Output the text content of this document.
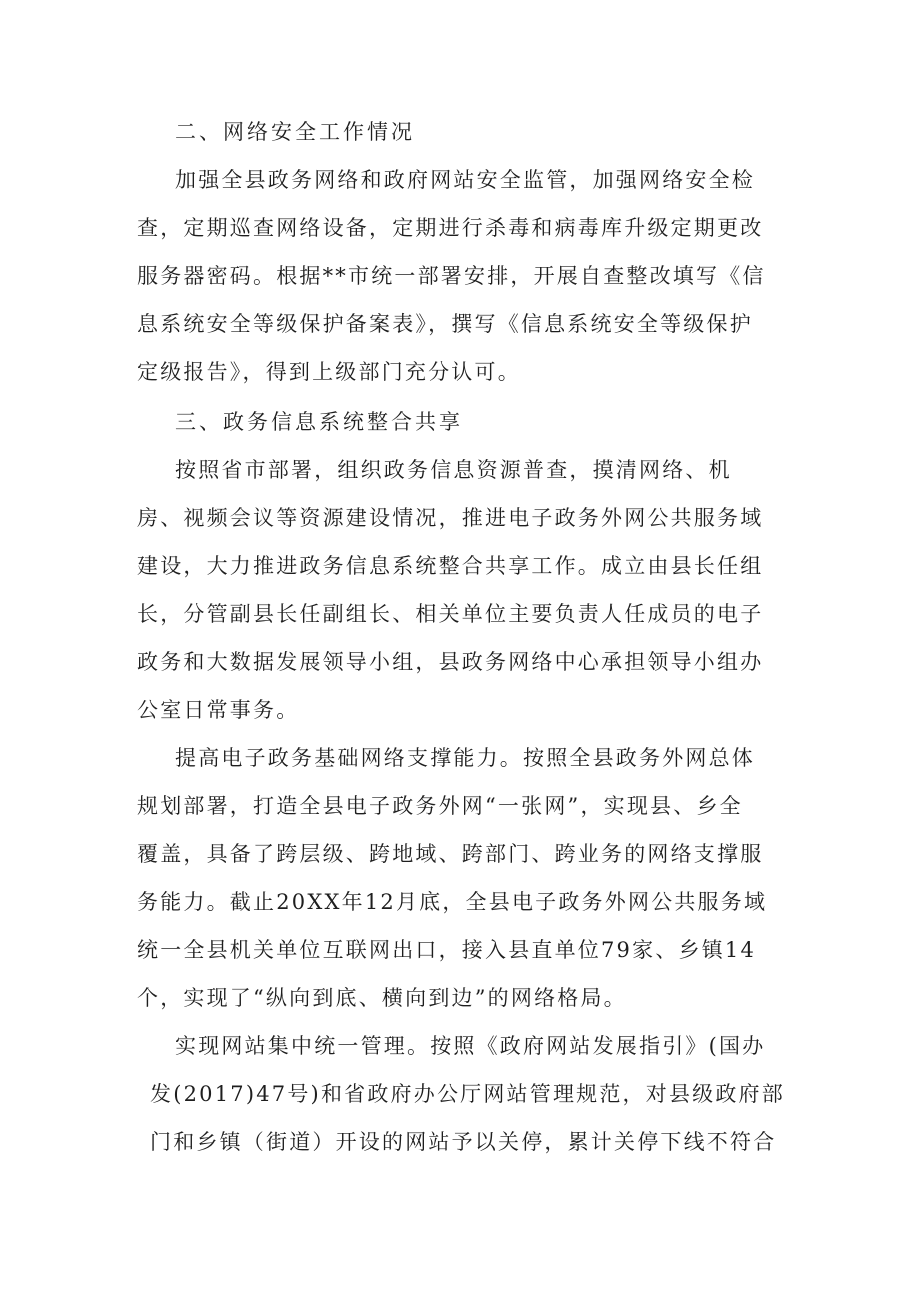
二、网络安全工作情况
加强全县政务网络和政府网站安全监管，加强网络安全检
查，定期巡查网络设备，定期进行杀毒和病毒库升级定期更改
服务器密码。根据**市统一部署安排，开展自查整改填写《信
息系统安全等级保护备案表》，撰写《信息系统安全等级保护
定级报告》，得到上级部门充分认可。
三、政务信息系统整合共享
按照省市部署，组织政务信息资源普查，摸清网络、机
房、视频会议等资源建设情况，推进电子政务外网公共服务域
建设，大力推进政务信息系统整合共享工作。成立由县长任组
长，分管副县长任副组长、相关单位主要负责人任成员的电子
政务和大数据发展领导小组，县政务网络中心承担领导小组办
公室日常事务。
提高电子政务基础网络支撑能力。按照全县政务外网总体
规划部署，打造全县电子政务外网“一张网”，实现县、乡全
覆盖，具备了跨层级、跨地域、跨部门、跨业务的网络支撑服
务能力。截止20XX年12月底，全县电子政务外网公共服务域
统一全县机关单位互联网出口，接入县直单位79家、乡镇14
个，实现了“纵向到底、横向到边”的网络格局。
实现网站集中统一管理。按照《政府网站发展指引》(国办
发(2017)47号)和省政府办公厅网站管理规范，对县级政府部
门和乡镇（街道）开设的网站予以关停，累计关停下线不符合
